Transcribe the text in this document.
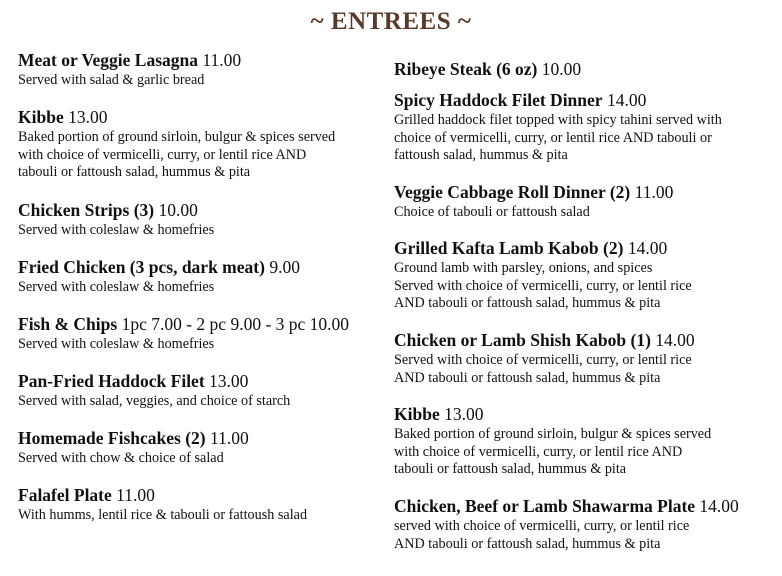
~ ENTREES ~
Meat or Veggie Lasagna 11.00
Served with salad & garlic bread
Kibbe 13.00
Baked portion of ground sirloin, bulgur & spices served
with choice of vermicelli, curry, or lentil rice AND
tabouli or fattoush salad, hummus & pita
Chicken Strips (3) 10.00
Served with coleslaw & homefries
Fried Chicken (3 pcs, dark meat) 9.00
Served with coleslaw & homefries
Fish & Chips 1pc 7.00 - 2 pc 9.00 - 3 pc 10.00
Served with coleslaw & homefries
Pan-Fried Haddock Filet 13.00
Served with salad, veggies, and choice of starch
Homemade Fishcakes (2) 11.00
Served with chow & choice of salad
Falafel Plate 11.00
With humms, lentil rice & tabouli or fattoush salad
Ribeye Steak (6 oz) 10.00
Spicy Haddock Filet Dinner 14.00
Grilled haddock filet topped with spicy tahini served with
choice of vermicelli, curry, or lentil rice AND tabouli or
fattoush salad, hummus & pita
Veggie Cabbage Roll Dinner (2) 11.00
Choice of tabouli or fattoush salad
Grilled Kafta Lamb Kabob (2) 14.00
Ground lamb with parsley, onions, and spices
Served with choice of vermicelli, curry, or lentil rice
AND tabouli or fattoush salad, hummus & pita
Chicken or Lamb Shish Kabob (1) 14.00
Served with choice of vermicelli, curry, or lentil rice
AND tabouli or fattoush salad, hummus & pita
Kibbe 13.00
Baked portion of ground sirloin, bulgur & spices served
with choice of vermicelli, curry, or lentil rice AND
tabouli or fattoush salad, hummus & pita
Chicken, Beef or Lamb Shawarma Plate 14.00
served with choice of vermicelli, curry, or lentil rice
AND tabouli or fattoush salad, hummus & pita
